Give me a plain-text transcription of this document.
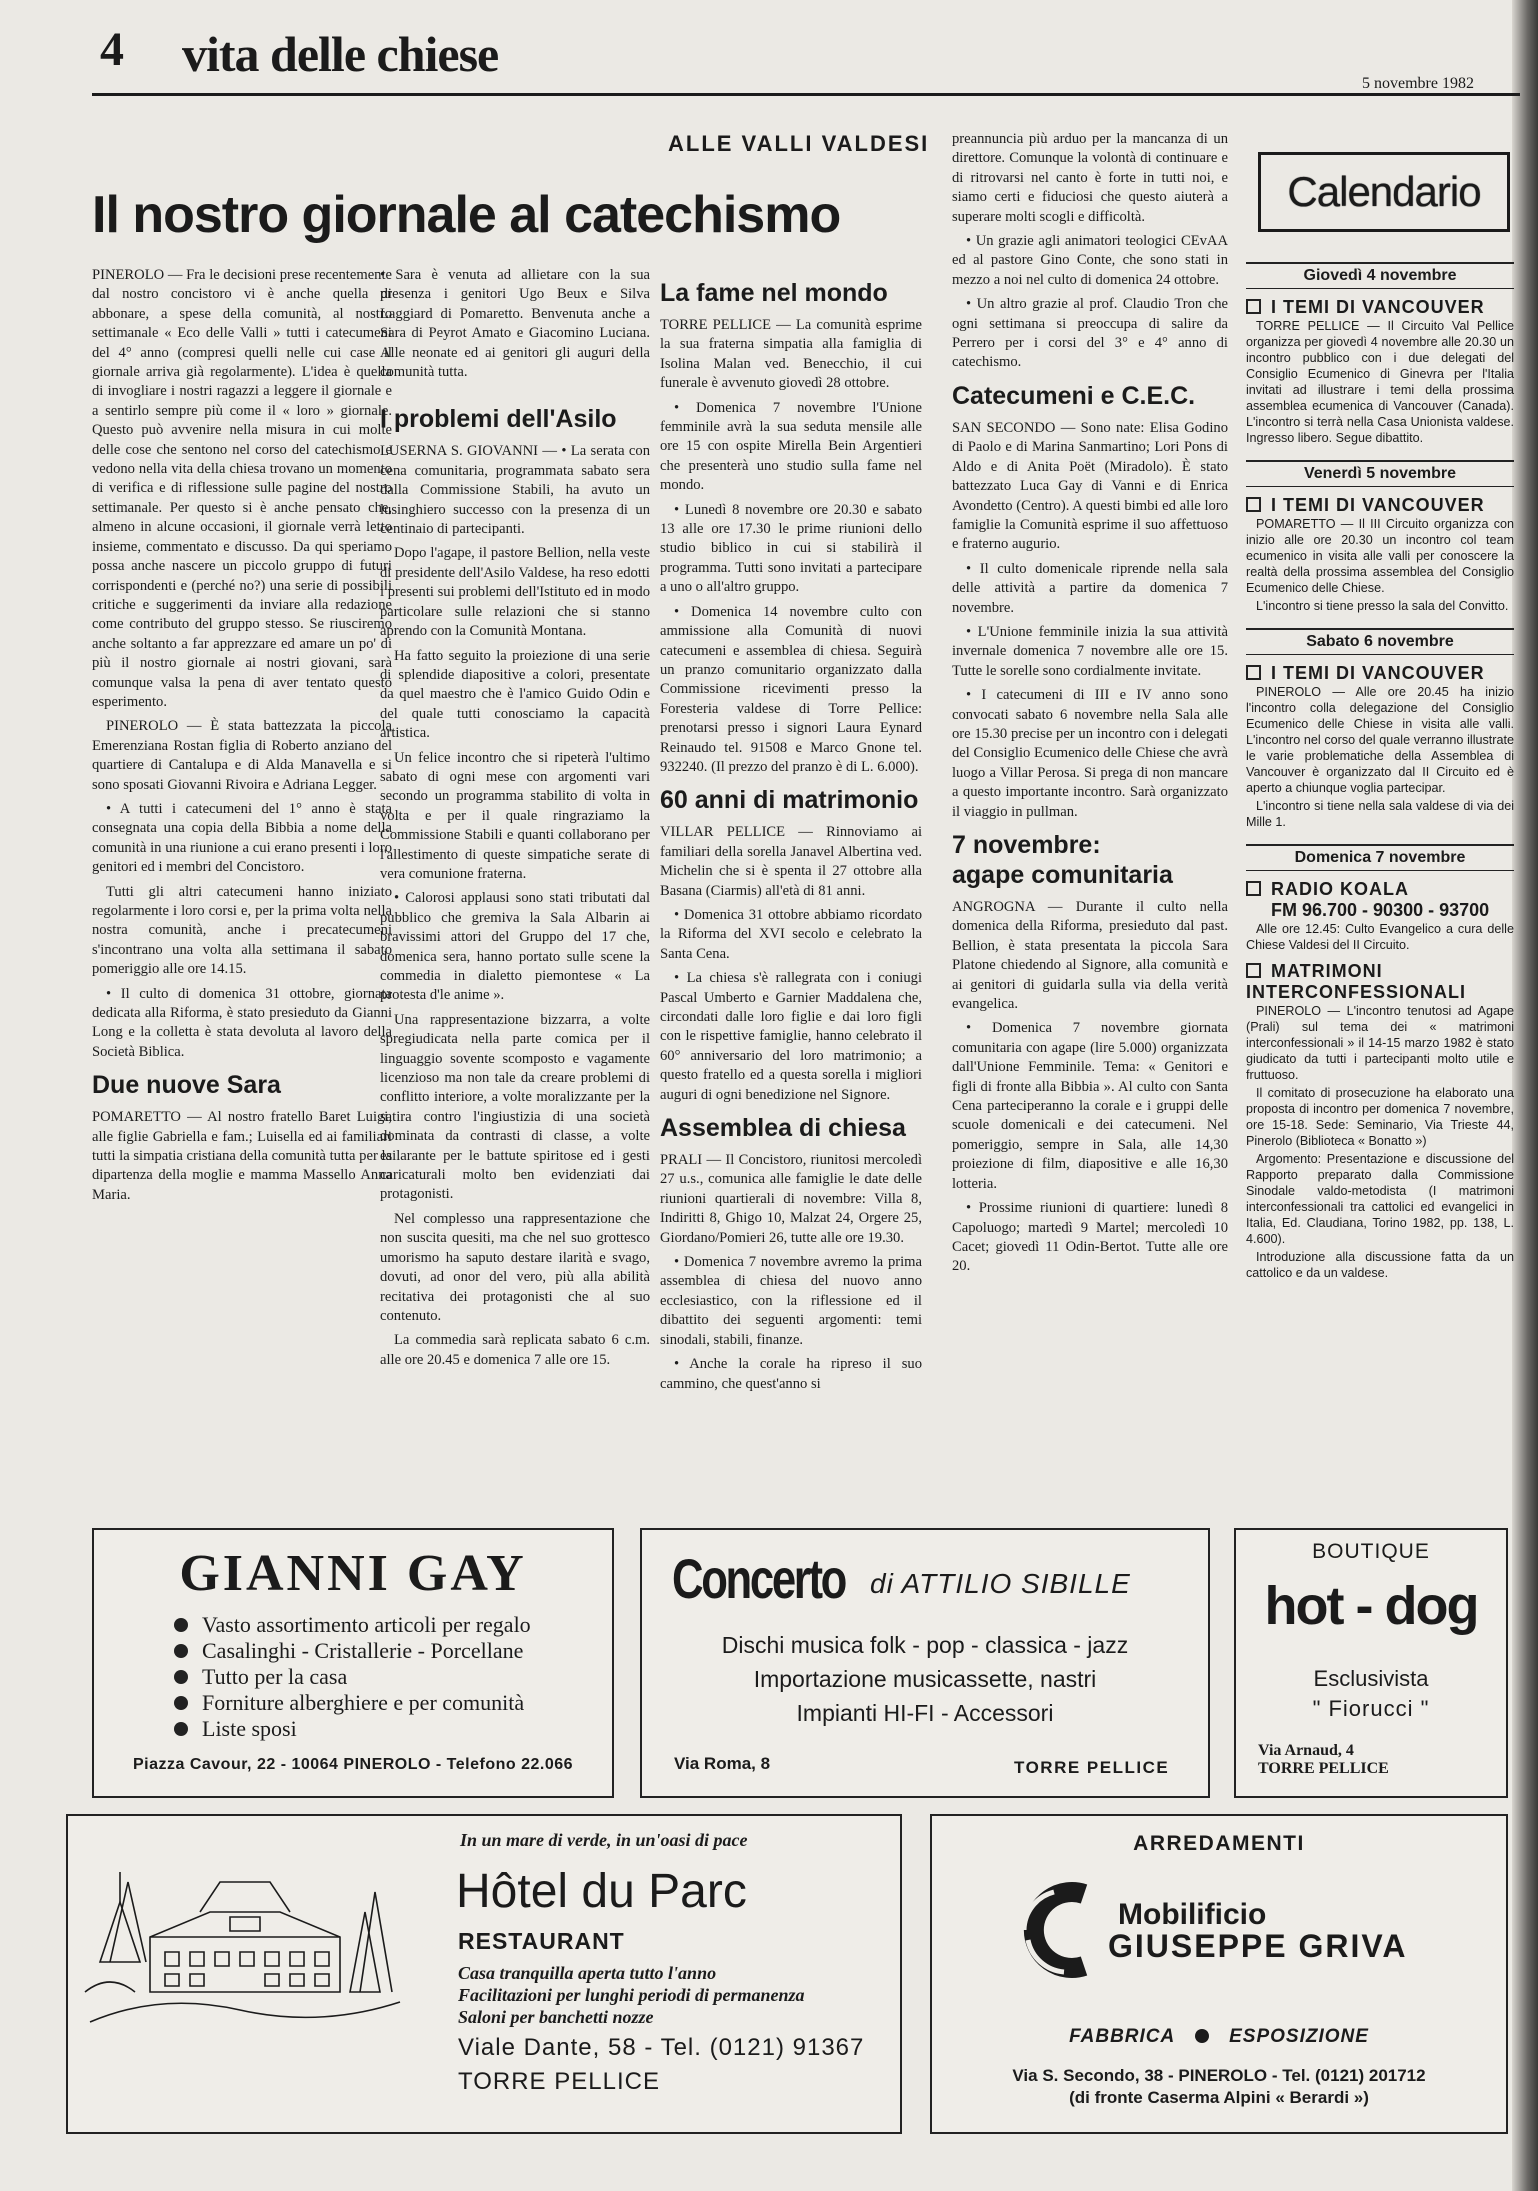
4 vita delle chiese
5 novembre 1982
ALLE VALLI VALDESI
Il nostro giornale al catechismo

PINEROLO — Fra le decisioni prese recentemente dal nostro concistoro vi è anche quella di abbonare, a spese della comunità, al nostro settimanale « Eco delle Valli » tutti i catecumeni del 4° anno (compresi quelli nelle cui case il giornale arriva già regolarmente). L'idea è quella di invogliare i nostri ragazzi a leggere il giornale e a sentirlo sempre più come il « loro » giornale. Questo può avvenire nella misura in cui molte delle cose che sentono nel corso del catechismo e vedono nella vita della chiesa trovano un momento di verifica e di riflessione sulle pagine del nostro settimanale. Per questo si è anche pensato che, almeno in alcune occasioni, il giornale verrà letto insieme, commentato e discusso. Da qui speriamo possa anche nascere un piccolo gruppo di futuri corrispondenti e (perché no?) una serie di possibili critiche e suggerimenti da inviare alla redazione come contributo del gruppo stesso. Se riusciremo anche soltanto a far apprezzare ed amare un po' di più il nostro giornale ai nostri giovani, sarà comunque valsa la pena di aver tentato questo esperimento.

PINEROLO — È stata battezzata la piccola Emerenziana Rostan figlia di Roberto anziano del quartiere di Cantalupa e di Alda Manavella e si sono sposati Giovanni Rivoira e Adriana Legger.

• A tutti i catecumeni del 1° anno è stata consegnata una copia della Bibbia a nome della comunità in una riunione a cui erano presenti i loro genitori ed i membri del Concistoro.

Tutti gli altri catecumeni hanno iniziato regolarmente i loro corsi e, per la prima volta nella nostra comunità, anche i precatecumeni s'incontrano una volta alla settimana il sabato pomeriggio alle ore 14.15.

• Il culto di domenica 31 ottobre, giornata dedicata alla Riforma, è stato presieduto da Gianni Long e la colletta è stata devoluta al lavoro della Società Biblica.

Due nuove Sara

POMARETTO — Al nostro fratello Baret Luigi, alle figlie Gabriella e fam.; Luisella ed ai familiari tutti la simpatia cristiana della comunità tutta per la dipartenza della moglie e mamma Massello Anna Maria.

• Sara è venuta ad allietare con la sua presenza i genitori Ugo Beux e Silva Laggiard di Pomaretto. Benvenuta anche a Sara di Peyrot Amato e Giacomino Luciana. Alle neonate ed ai genitori gli auguri della comunità tutta.

I problemi dell'Asilo

LUSERNA S. GIOVANNI — • La serata con cena comunitaria, programmata sabato sera dalla Commissione Stabili, ha avuto un lusinghiero successo con la presenza di un centinaio di partecipanti.

Dopo l'agape, il pastore Bellion, nella veste di presidente dell'Asilo Valdese, ha reso edotti i presenti sui problemi dell'Istituto ed in modo particolare sulle relazioni che si stanno aprendo con la Comunità Montana.

Ha fatto seguito la proiezione di una serie di splendide diapositive a colori, presentate da quel maestro che è l'amico Guido Odin e del quale tutti conosciamo la capacità artistica.

Un felice incontro che si ripeterà l'ultimo sabato di ogni mese con argomenti vari secondo un programma stabilito di volta in volta e per il quale ringraziamo la Commissione Stabili e quanti collaborano per l'allestimento di queste simpatiche serate di vera comunione fraterna.

• Calorosi applausi sono stati tributati dal pubblico che gremiva la Sala Albarin ai bravissimi attori del Gruppo del 17 che, domenica sera, hanno portato sulle scene la commedia in dialetto piemontese « La protesta d'le anime ».

Una rappresentazione bizzarra, a volte spregiudicata nella parte comica per il linguaggio sovente scomposto e vagamente licenzioso ma non tale da creare problemi di conflitto interiore, a volte moralizzante per la satira contro l'ingiustizia di una società dominata da contrasti di classe, a volte esilarante per le battute spiritose ed i gesti caricaturali molto ben evidenziati dai protagonisti.

Nel complesso una rappresentazione che non suscita quesiti, ma che nel suo grottesco umorismo ha saputo destare ilarità e svago, dovuti, ad onor del vero, più alla abilità recitativa dei protagonisti che al suo contenuto.

La commedia sarà replicata sabato 6 c.m. alle ore 20.45 e domenica 7 alle ore 15.

La fame nel mondo

TORRE PELLICE — La comunità esprime la sua fraterna simpatia alla famiglia di Isolina Malan ved. Benecchio, il cui funerale è avvenuto giovedì 28 ottobre.

• Domenica 7 novembre l'Unione femminile avrà la sua seduta mensile alle ore 15 con ospite Mirella Bein Argentieri che presenterà uno studio sulla fame nel mondo.

• Lunedì 8 novembre ore 20.30 e sabato 13 alle ore 17.30 le prime riunioni dello studio biblico in cui si stabilirà il programma. Tutti sono invitati a partecipare a uno o all'altro gruppo.

• Domenica 14 novembre culto con ammissione alla Comunità di nuovi catecumeni e assemblea di chiesa. Seguirà un pranzo comunitario organizzato dalla Commissione ricevimenti presso la Foresteria valdese di Torre Pellice: prenotarsi presso i signori Laura Eynard Reinaudo tel. 91508 e Marco Gnone tel. 932240. (Il prezzo del pranzo è di L. 6.000).

60 anni di matrimonio

VILLAR PELLICE — Rinnoviamo ai familiari della sorella Janavel Albertina ved. Michelin che si è spenta il 27 ottobre alla Basana (Ciarmis) all'età di 81 anni.

• Domenica 31 ottobre abbiamo ricordato la Riforma del XVI secolo e celebrato la Santa Cena.

• La chiesa s'è rallegrata con i coniugi Pascal Umberto e Garnier Maddalena che, circondati dalle loro figlie e dai loro figli con le rispettive famiglie, hanno celebrato il 60° anniversario del loro matrimonio; a questo fratello ed a questa sorella i migliori auguri di ogni benedizione nel Signore.

Assemblea di chiesa

PRALI — Il Concistoro, riunitosi mercoledì 27 u.s., comunica alle famiglie le date delle riunioni quartierali di novembre: Villa 8, Indiritti 8, Ghigo 10, Malzat 24, Orgere 25, Giordano/Pomieri 26, tutte alle ore 19.30.

• Domenica 7 novembre avremo la prima assemblea di chiesa del nuovo anno ecclesiastico, con la riflessione ed il dibattito dei seguenti argomenti: temi sinodali, stabili, finanze.

• Anche la corale ha ripreso il suo cammino, che quest'anno si

preannuncia più arduo per la mancanza di un direttore. Comunque la volontà di continuare e di ritrovarsi nel canto è forte in tutti noi, e siamo certi e fiduciosi che questo aiuterà a superare molti scogli e difficoltà.

• Un grazie agli animatori teologici CEvAA ed al pastore Gino Conte, che sono stati in mezzo a noi nel culto di domenica 24 ottobre.

• Un altro grazie al prof. Claudio Tron che ogni settimana si preoccupa di salire da Perrero per i corsi del 3° e 4° anno di catechismo.

Catecumeni e C.E.C.

SAN SECONDO — Sono nate: Elisa Godino di Paolo e di Marina Sanmartino; Lori Pons di Aldo e di Anita Poët (Miradolo). È stato battezzato Luca Gay di Vanni e di Enrica Avondetto (Centro). A questi bimbi ed alle loro famiglie la Comunità esprime il suo affettuoso e fraterno augurio.

• Il culto domenicale riprende nella sala delle attività a partire da domenica 7 novembre.

• L'Unione femminile inizia la sua attività invernale domenica 7 novembre alle ore 15. Tutte le sorelle sono cordialmente invitate.

• I catecumeni di III e IV anno sono convocati sabato 6 novembre nella Sala alle ore 15.30 precise per un incontro con i delegati del Consiglio Ecumenico delle Chiese che avrà luogo a Villar Perosa. Si prega di non mancare a questo importante incontro. Sarà organizzato il viaggio in pullman.

7 novembre:
agape comunitaria

ANGROGNA — Durante il culto nella domenica della Riforma, presieduto dal past. Bellion, è stata presentata la piccola Sara Platone chiedendo al Signore, alla comunità e ai genitori di guidarla sulla via della verità evangelica.

• Domenica 7 novembre giornata comunitaria con agape (lire 5.000) organizzata dall'Unione Femminile. Tema: « Genitori e figli di fronte alla Bibbia ». Al culto con Santa Cena parteciperanno la corale e i gruppi delle scuole domenicali e dei catecumeni. Nel pomeriggio, sempre in Sala, alle 14,30 proiezione di film, diapositive e alle 16,30 lotteria.

• Prossime riunioni di quartiere: lunedì 8 Capoluogo; martedì 9 Martel; mercoledì 10 Cacet; giovedì 11 Odin-Bertot. Tutte alle ore 20.

Calendario
Giovedì 4 novembre
I TEMI DI VANCOUVER

TORRE PELLICE — Il Circuito Val Pellice organizza per giovedì 4 novembre alle 20.30 un incontro pubblico con i due delegati del Consiglio Ecumenico di Ginevra per l'Italia invitati ad illustrare i temi della prossima assemblea ecumenica di Vancouver (Canada). L'incontro si terrà nella Casa Unionista valdese. Ingresso libero. Segue dibattito.

Venerdì 5 novembre
I TEMI DI VANCOUVER

POMARETTO — Il III Circuito organizza con inizio alle ore 20.30 un incontro col team ecumenico in visita alle valli per conoscere la realtà della prossima assemblea del Consiglio Ecumenico delle Chiese.

L'incontro si tiene presso la sala del Convitto.

Sabato 6 novembre
I TEMI DI VANCOUVER

PINEROLO — Alle ore 20.45 ha inizio l'incontro colla delegazione del Consiglio Ecumenico delle Chiese in visita alle valli. L'incontro nel corso del quale verranno illustrate le varie problematiche della Assemblea di Vancouver è organizzato dal II Circuito ed è aperto a chiunque voglia partecipar.

L'incontro si tiene nella sala valdese di via dei Mille 1.

Domenica 7 novembre
RADIO KOALA
FM 96.700 - 90300 - 93700

Alle ore 12.45: Culto Evangelico a cura delle Chiese Valdesi del II Circuito.

MATRIMONI INTERCONFESSIONALI

PINEROLO — L'incontro tenutosi ad Agape (Prali) sul tema dei « matrimoni interconfessionali » il 14-15 marzo 1982 è stato giudicato da tutti i partecipanti molto utile e fruttuoso.

Il comitato di prosecuzione ha elaborato una proposta di incontro per domenica 7 novembre, ore 15-18. Sede: Seminario, Via Trieste 44, Pinerolo (Biblioteca « Bonatto »)

Argomento: Presentazione e discussione del Rapporto preparato dalla Commissione Sinodale valdo-metodista (I matrimoni interconfessionali tra cattolici ed evangelici in Italia, Ed. Claudiana, Torino 1982, pp. 138, L. 4.600).

Introduzione alla discussione fatta da un cattolico e da un valdese.

GIANNI GAY
Vasto assortimento articoli per regalo
Casalinghi - Cristallerie - Porcellane
Tutto per la casa
Forniture alberghiere e per comunità
Liste sposi
Piazza Cavour, 22 - 10064 PINEROLO - Telefono 22.066
Concerto di ATTILIO SIBILLE
Dischi musica folk - pop - classica - jazz
Importazione musicassette, nastri
Impianti HI-FI - Accessori
Via Roma, 8	TORRE PELLICE
BOUTIQUE
hot - dog
Esclusivista
" Fiorucci "
Via Arnaud, 4
TORRE PELLICE
In un mare di verde, in un'oasi di pace
Hôtel du Parc
RESTAURANT
Casa tranquilla aperta tutto l'anno
Facilitazioni per lunghi periodi di permanenza
Saloni per banchetti nozze
Viale Dante, 58 - Tel. (0121) 91367
TORRE PELLICE
ARREDAMENTI
Mobilificio
GIUSEPPE GRIVA
FABBRICA	ESPOSIZIONE
Via S. Secondo, 38 - PINEROLO - Tel. (0121) 201712
(di fronte Caserma Alpini « Berardi »)
